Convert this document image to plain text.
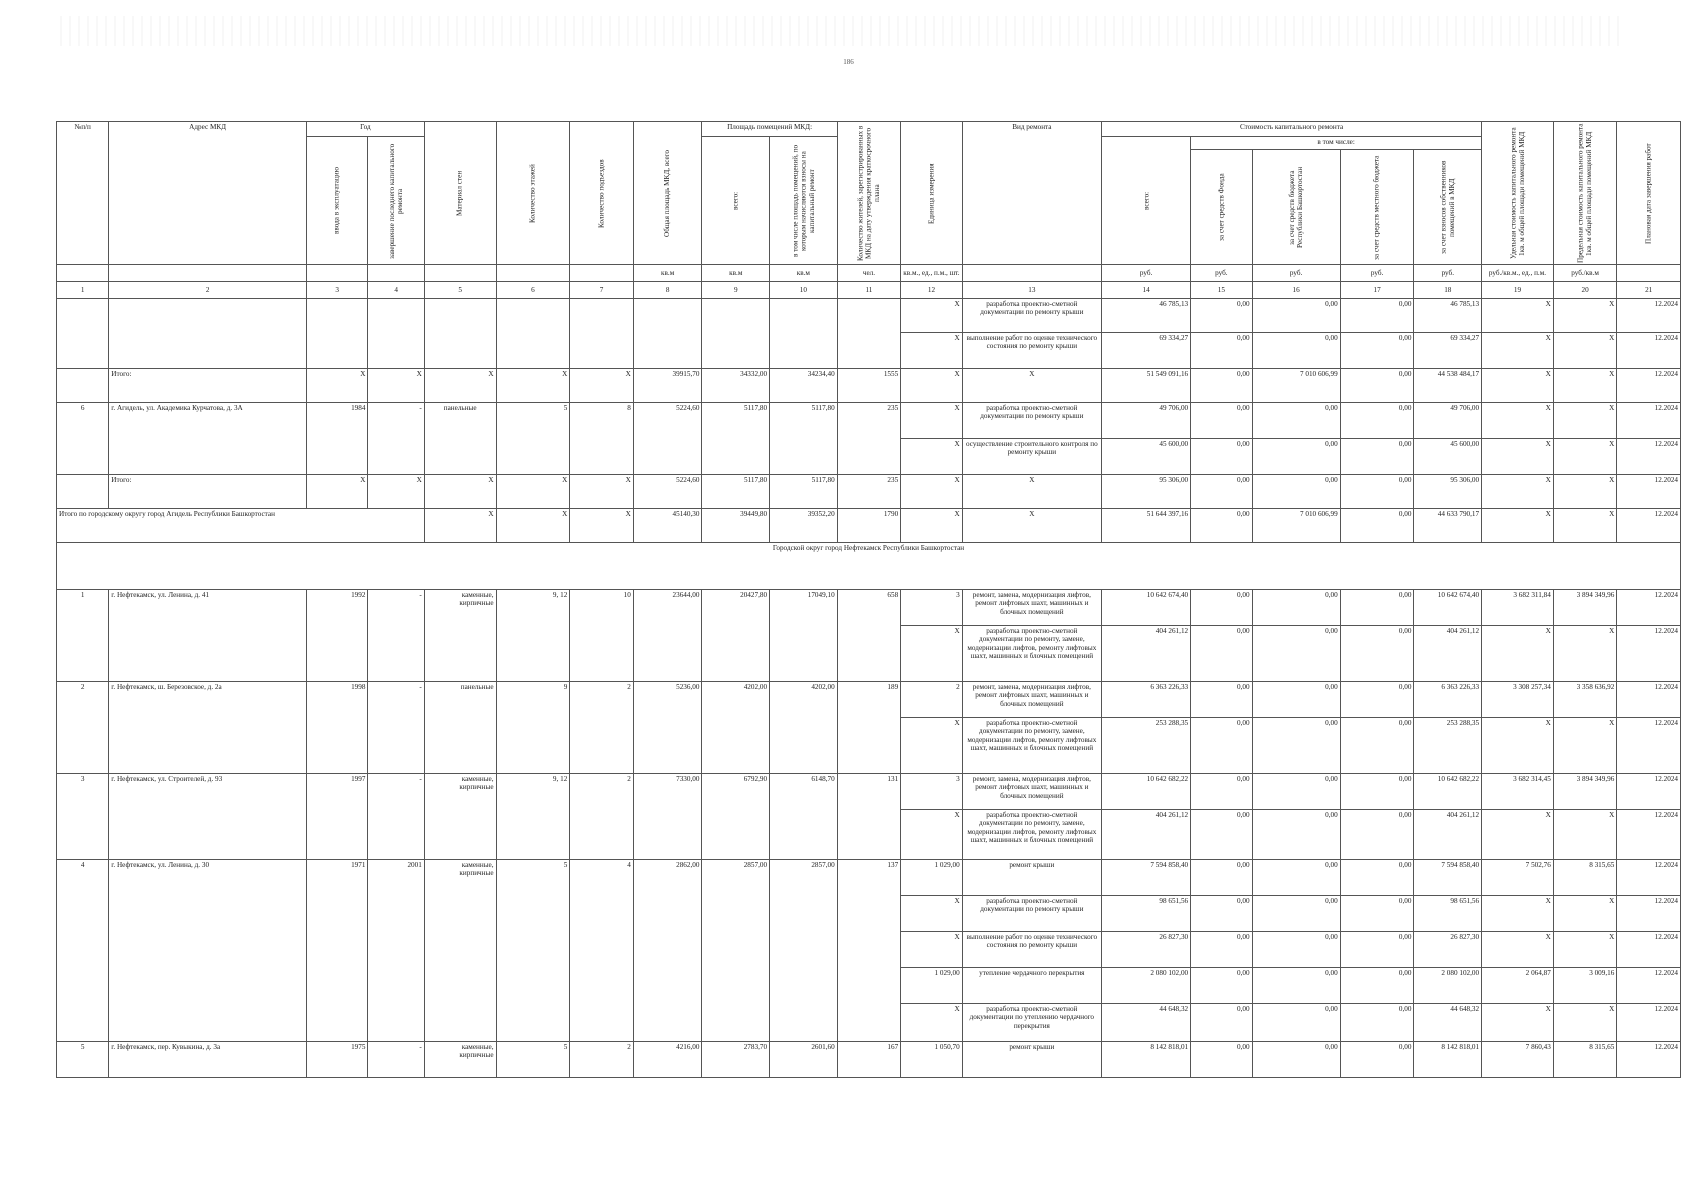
186
№п/п	Адрес МКД	Год		Материал стен	Количество этажей	Количество подъездов	Общая площадь МКД, всего	Площадь помещений МКД:		Количество жителей, зарегистрированных в МКД на дату утверждения краткосрочного плана	Единица измерения	Вид ремонта	Стоимость капитального ремонта					Удельная стоимость капитального ремонта 1кв. м общей площади помещений МКД	Предельная стоимость капитального ремонта 1кв. м общей площади помещений МКД	Плановая дата завершения работ
		ввода в эксплуатацию	завершение последнего капитального ремонта					всего:	в том числе площадь помещений, по которым начисляются взносы на капитальный ремонт				всего:	в том числе:						
														за счет средств Фонда	за счет средств бюджета Республики Башкортостан	за счет средств местного бюджета	за счет взносов собственников помещений в МКД			
							кв.м	кв.м	кв.м	чел.	кв.м., ед., п.м., шт.		руб.	руб.	руб.	руб.	руб.	руб./кв.м., ед., п.м.	руб./кв.м	
1	2	3	4	5	6	7	8	9	10	11	12	13	14	15	16	17	18	19	20	21
											X	разработка проектно-сметной документации по ремонту крыши	46 785,13	0,00	0,00	0,00	46 785,13	X	X	12.2024
											X	выполнение работ по оценке технического состояния по ремонту крыши	69 334,27	0,00	0,00	0,00	69 334,27	X	X	12.2024
	Итого:	X	X	X	X	X	39915,70	34332,00	34234,40	1555	X	X	51 549 091,16	0,00	7 010 606,99	0,00	44 538 484,17	X	X	12.2024
6	г. Агидель, ул. Академика Курчатова, д. 3А	1984	-	панельные	5	8	5224,60	5117,80	5117,80	235	X	разработка проектно-сметной документации по ремонту крыши	49 706,00	0,00	0,00	0,00	49 706,00	X	X	12.2024
											X	осуществление строительного контроля по ремонту крыши	45 600,00	0,00	0,00	0,00	45 600,00	X	X	12.2024
	Итого:	X	X	X	X	X	5224,60	5117,80	5117,80	235	X	X	95 306,00	0,00	0,00	0,00	95 306,00	X	X	12.2024
Итого по городскому округу город Агидель Республики Башкортостан				X	X	X	45140,30	39449,80	39352,20	1790	X	X	51 644 397,16	0,00	7 010 606,99	0,00	44 633 790,17	X	X	12.2024
Городской округ город Нефтекамск Республики Башкортостан																				
1	г. Нефтекамск, ул. Ленина, д. 41	1992	-	каменные, кирпичные	9, 12	10	23644,00	20427,80	17049,10	658	3	ремонт, замена, модернизация лифтов, ремонт лифтовых шахт, машинных и блочных помещений	10 642 674,40	0,00	0,00	0,00	10 642 674,40	3 682 311,84	3 894 349,96	12.2024
											X	разработка проектно-сметной документации по ремонту, замене, модернизации лифтов, ремонту лифтовых шахт, машинных и блочных помещений	404 261,12	0,00	0,00	0,00	404 261,12	X	X	12.2024
2	г. Нефтекамск, ш. Березовское, д. 2а	1998	-	панельные	9	2	5236,00	4202,00	4202,00	189	2	ремонт, замена, модернизация лифтов, ремонт лифтовых шахт, машинных и блочных помещений	6 363 226,33	0,00	0,00	0,00	6 363 226,33	3 308 257,34	3 358 636,92	12.2024
											X	разработка проектно-сметной документации по ремонту, замене, модернизации лифтов, ремонту лифтовых шахт, машинных и блочных помещений	253 288,35	0,00	0,00	0,00	253 288,35	X	X	12.2024
3	г. Нефтекамск, ул. Строителей, д. 93	1997	-	каменные, кирпичные	9, 12	2	7330,00	6792,90	6148,70	131	3	ремонт, замена, модернизация лифтов, ремонт лифтовых шахт, машинных и блочных помещений	10 642 682,22	0,00	0,00	0,00	10 642 682,22	3 682 314,45	3 894 349,96	12.2024
											X	разработка проектно-сметной документации по ремонту, замене, модернизации лифтов, ремонту лифтовых шахт, машинных и блочных помещений	404 261,12	0,00	0,00	0,00	404 261,12	X	X	12.2024
4	г. Нефтекамск, ул. Ленина, д. 30	1971	2001	каменные, кирпичные	5	4	2862,00	2857,00	2857,00	137	1 029,00	ремонт крыши	7 594 858,40	0,00	0,00	0,00	7 594 858,40	7 502,76	8 315,65	12.2024
											X	разработка проектно-сметной документации по ремонту крыши	98 651,56	0,00	0,00	0,00	98 651,56	X	X	12.2024
											X	выполнение работ по оценке технического состояния по ремонту крыши	26 827,30	0,00	0,00	0,00	26 827,30	X	X	12.2024
											1 029,00	утепление чердачного перекрытия	2 080 102,00	0,00	0,00	0,00	2 080 102,00	2 064,87	3 009,16	12.2024
											X	разработка проектно-сметной документации по утеплению чердачного перекрытия	44 648,32	0,00	0,00	0,00	44 648,32	X	X	12.2024
5	г. Нефтекамск, пер. Кувыкина, д. 3а	1975	-	каменные, кирпичные	5	2	4216,00	2783,70	2601,60	167	1 050,70	ремонт крыши	8 142 818,01	0,00	0,00	0,00	8 142 818,01	7 860,43	8 315,65	12.2024
